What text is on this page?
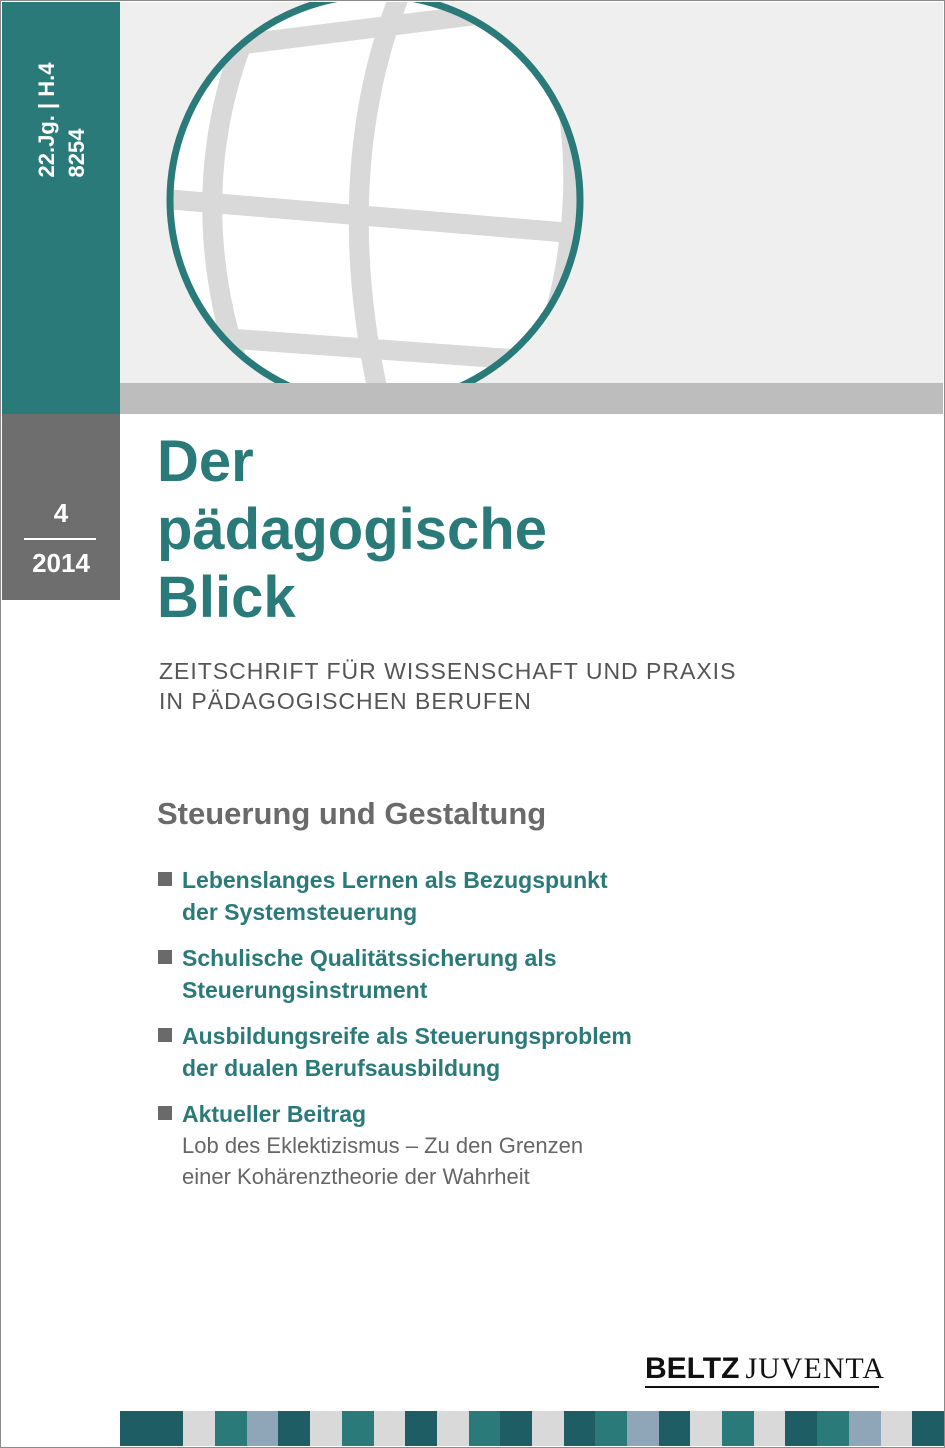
22.Jg. | H.4 8254
4
2014
Der
pädagogische
Blick
ZEITSCHRIFT FÜR WISSENSCHAFT UND PRAXIS
IN PÄDAGOGISCHEN BERUFEN
Steuerung und Gestaltung
Lebenslanges Lernen als Bezugspunkt
der Systemsteuerung
Schulische Qualitätssicherung als
Steuerungsinstrument
Ausbildungsreife als Steuerungsproblem
der dualen Berufsausbildung
Aktueller Beitrag
Lob des Eklektizismus – Zu den Grenzen
einer Kohärenztheorie der Wahrheit
BELTZ JUVENTA
